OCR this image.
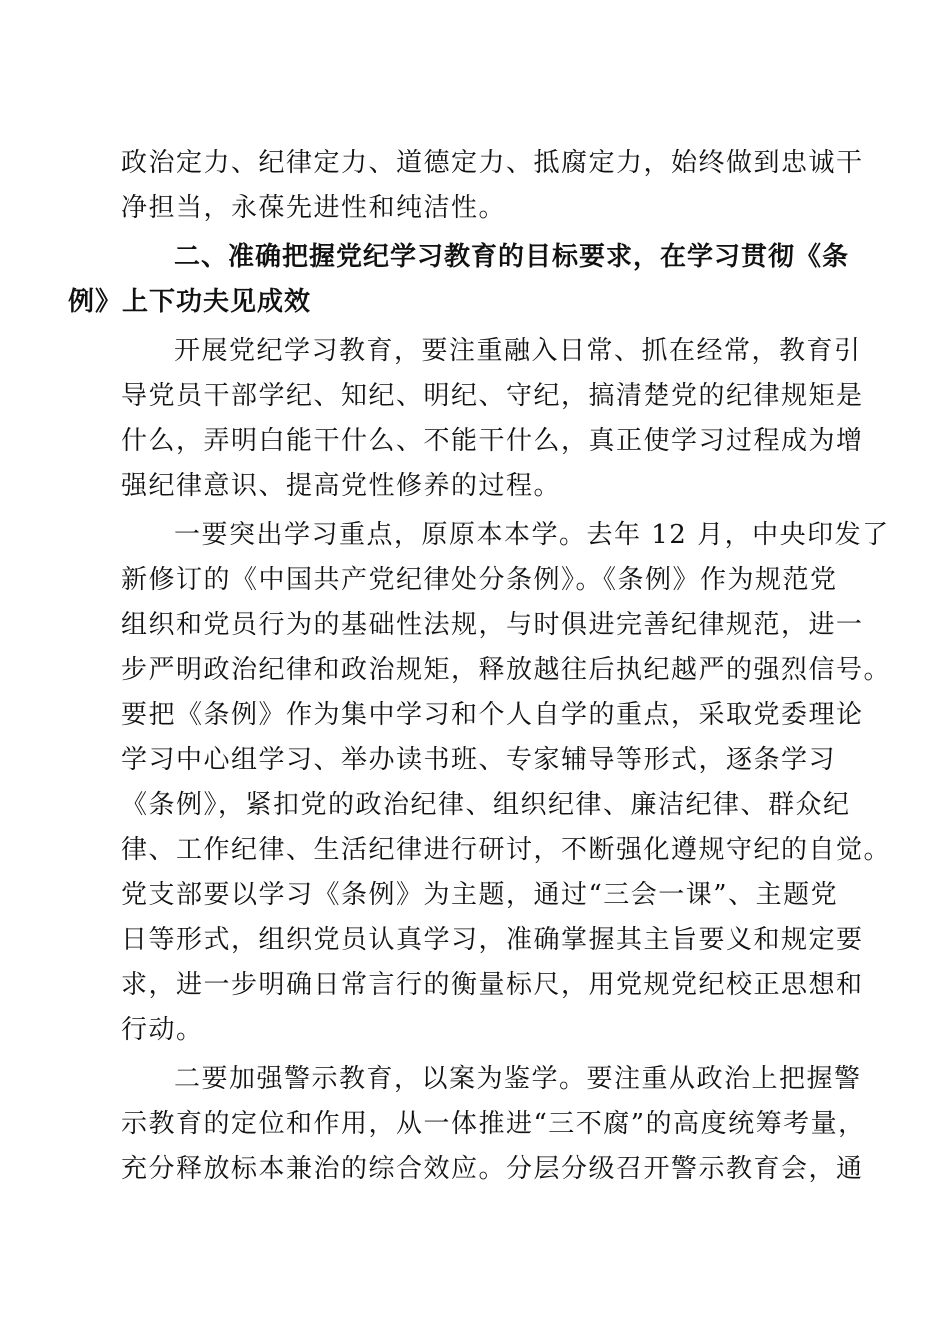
政治定力、纪律定力、道德定力、抵腐定力，始终做到忠诚干
净担当，永葆先进性和纯洁性。

二、准确把握党纪学习教育的目标要求，在学习贯彻《条
例》上下功夫见成效

开展党纪学习教育，要注重融入日常、抓在经常，教育引
导党员干部学纪、知纪、明纪、守纪，搞清楚党的纪律规矩是
什么，弄明白能干什么、不能干什么，真正使学习过程成为增
强纪律意识、提高党性修养的过程。

一要突出学习重点，原原本本学。去年 12 月，中央印发了
新修订的《中国共产党纪律处分条例》。《条例》作为规范党
组织和党员行为的基础性法规，与时俱进完善纪律规范，进一
步严明政治纪律和政治规矩，释放越往后执纪越严的强烈信号。
要把《条例》作为集中学习和个人自学的重点，采取党委理论
学习中心组学习、举办读书班、专家辅导等形式，逐条学习
《条例》，紧扣党的政治纪律、组织纪律、廉洁纪律、群众纪
律、工作纪律、生活纪律进行研讨，不断强化遵规守纪的自觉。
党支部要以学习《条例》为主题，通过“三会一课”、主题党
日等形式，组织党员认真学习，准确掌握其主旨要义和规定要
求，进一步明确日常言行的衡量标尺，用党规党纪校正思想和
行动。

二要加强警示教育，以案为鉴学。要注重从政治上把握警
示教育的定位和作用，从一体推进“三不腐”的高度统筹考量，
充分释放标本兼治的综合效应。分层分级召开警示教育会，通
